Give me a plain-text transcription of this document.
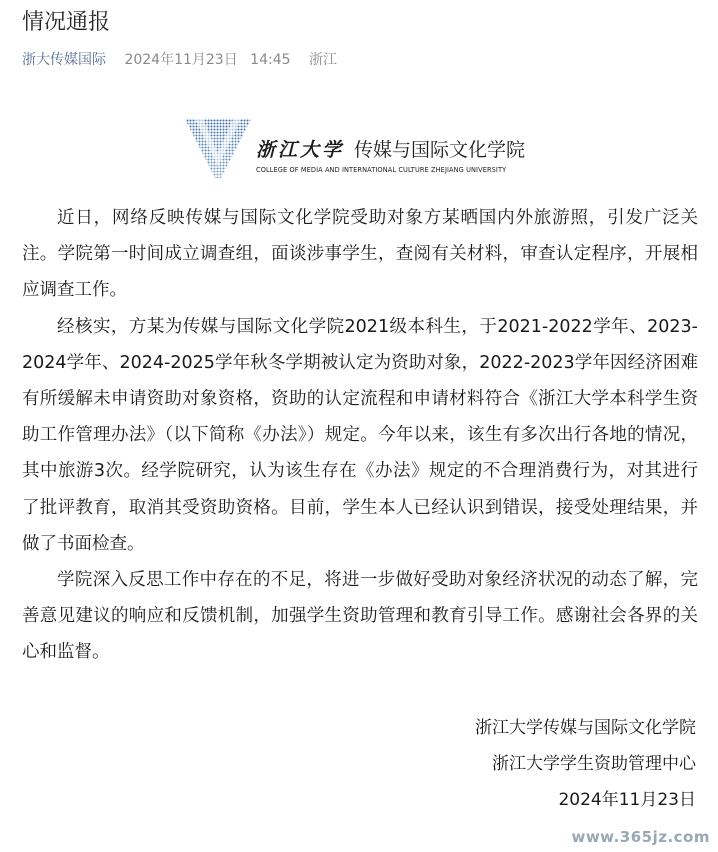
情况通报
浙大传媒国际 2024年11月23日 14:45 浙江
浙江大学 传媒与国际文化学院
COLLEGE OF MEDIA AND INTERNATIONAL CULTURE ZHEJIANG UNIVERSITY

近日，网络反映传媒与国际文化学院受助对象方某晒国内外旅游照，引发广泛关注。学院第一时间成立调查组，面谈涉事学生，查阅有关材料，审查认定程序，开展相应调查工作。

经核实，方某为传媒与国际文化学院2021级本科生，于2021-2022学年、2023-2024学年、2024-2025学年秋冬学期被认定为资助对象，2022-2023学年因经济困难有所缓解未申请资助对象资格，资助的认定流程和申请材料符合《浙江大学本科学生资助工作管理办法》（以下简称《办法》）规定。今年以来，该生有多次出行各地的情况，其中旅游3次。经学院研究，认为该生存在《办法》规定的不合理消费行为，对其进行了批评教育，取消其受资助资格。目前，学生本人已经认识到错误，接受处理结果，并做了书面检查。

学院深入反思工作中存在的不足，将进一步做好受助对象经济状况的动态了解，完善意见建议的响应和反馈机制，加强学生资助管理和教育引导工作。感谢社会各界的关心和监督。

浙江大学传媒与国际文化学院
浙江大学学生资助管理中心
2024年11月23日
www.365jz.com
